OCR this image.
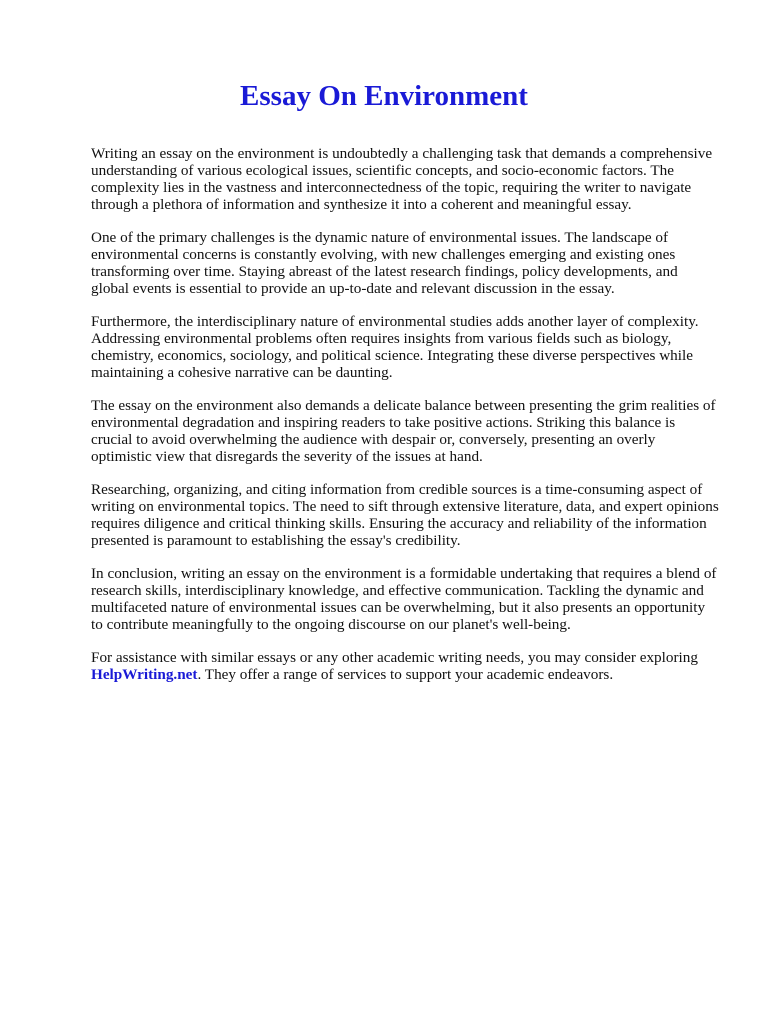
Essay On Environment

Writing an essay on the environment is undoubtedly a challenging task that demands a comprehensive understanding of various ecological issues, scientific concepts, and socio-economic factors. The complexity lies in the vastness and interconnectedness of the topic, requiring the writer to navigate through a plethora of information and synthesize it into a coherent and meaningful essay.

One of the primary challenges is the dynamic nature of environmental issues. The landscape of environmental concerns is constantly evolving, with new challenges emerging and existing ones transforming over time. Staying abreast of the latest research findings, policy developments, and global events is essential to provide an up-to-date and relevant discussion in the essay.

Furthermore, the interdisciplinary nature of environmental studies adds another layer of complexity. Addressing environmental problems often requires insights from various fields such as biology, chemistry, economics, sociology, and political science. Integrating these diverse perspectives while maintaining a cohesive narrative can be daunting.

The essay on the environment also demands a delicate balance between presenting the grim realities of environmental degradation and inspiring readers to take positive actions. Striking this balance is crucial to avoid overwhelming the audience with despair or, conversely, presenting an overly optimistic view that disregards the severity of the issues at hand.

Researching, organizing, and citing information from credible sources is a time-consuming aspect of writing on environmental topics. The need to sift through extensive literature, data, and expert opinions requires diligence and critical thinking skills. Ensuring the accuracy and reliability of the information presented is paramount to establishing the essay's credibility.

In conclusion, writing an essay on the environment is a formidable undertaking that requires a blend of research skills, interdisciplinary knowledge, and effective communication. Tackling the dynamic and multifaceted nature of environmental issues can be overwhelming, but it also presents an opportunity to contribute meaningfully to the ongoing discourse on our planet's well-being.

For assistance with similar essays or any other academic writing needs, you may consider exploring HelpWriting.net. They offer a range of services to support your academic endeavors.
